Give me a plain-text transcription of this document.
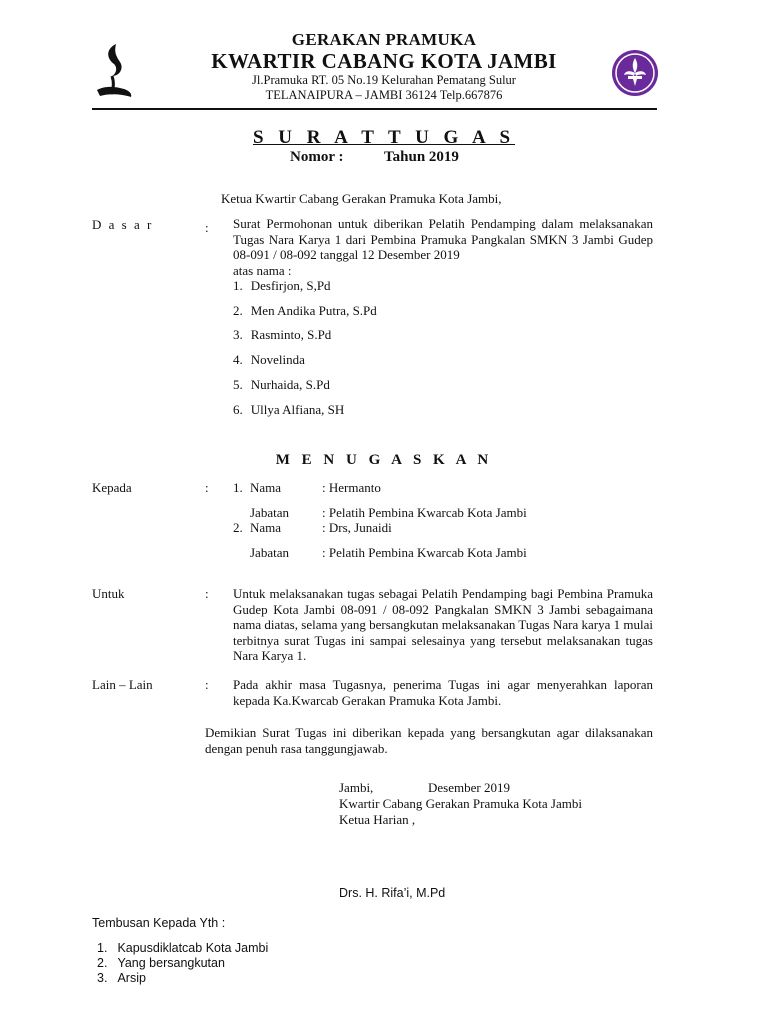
GERAKAN PRAMUKA
KWARTIR CABANG KOTA JAMBI
Jl.Pramuka RT. 05 No.19 Kelurahan Pematang Sulur
TELANAIPURA – JAMBI 36124 Telp.667876
S U R A T T U G A S
Nomor :	Tahun 2019
Ketua Kwartir Cabang Gerakan Pramuka Kota Jambi,
D a s a r	: Surat Permohonan untuk diberikan Pelatih Pendamping dalam melaksanakan Tugas Nara Karya 1 dari Pembina Pramuka Pangkalan SMKN 3 Jambi Gudep 08-091 / 08-092 tanggal 12 Desember 2019
atas nama :
1. Desfirjon, S,Pd
2. Men Andika Putra, S.Pd
3. Rasminto, S.Pd
4. Novelinda
5. Nurhaida, S.Pd
6. Ullya Alfiana, SH
M E N U G A S K A N
Kepada	: 1. Nama	: Hermanto
Jabatan	: Pelatih Pembina Kwarcab Kota Jambi
2. Nama	: Drs, Junaidi
Jabatan	: Pelatih Pembina Kwarcab Kota Jambi
Untuk	: Untuk melaksanakan tugas sebagai Pelatih Pendamping bagi Pembina Pramuka Gudep Kota Jambi 08-091 / 08-092 Pangkalan SMKN 3 Jambi sebagaimana nama diatas, selama yang bersangkutan melaksanakan Tugas Nara karya 1 mulai terbitnya surat Tugas ini sampai selesainya yang tersebut melaksanakan tugas Nara Karya 1.
Lain – Lain	: Pada akhir masa Tugasnya, penerima Tugas ini agar menyerahkan laporan kepada Ka.Kwarcab Gerakan Pramuka Kota Jambi.
Demikian Surat Tugas ini diberikan kepada yang bersangkutan agar dilaksanakan dengan penuh rasa tanggungjawab.
Jambi,	Desember 2019
Kwartir Cabang Gerakan Pramuka Kota Jambi
Ketua Harian ,
Drs. H. Rifa’i, M.Pd
Tembusan Kepada Yth :
1. Kapusdiklatcab Kota Jambi
2. Yang bersangkutan
3. Arsip
